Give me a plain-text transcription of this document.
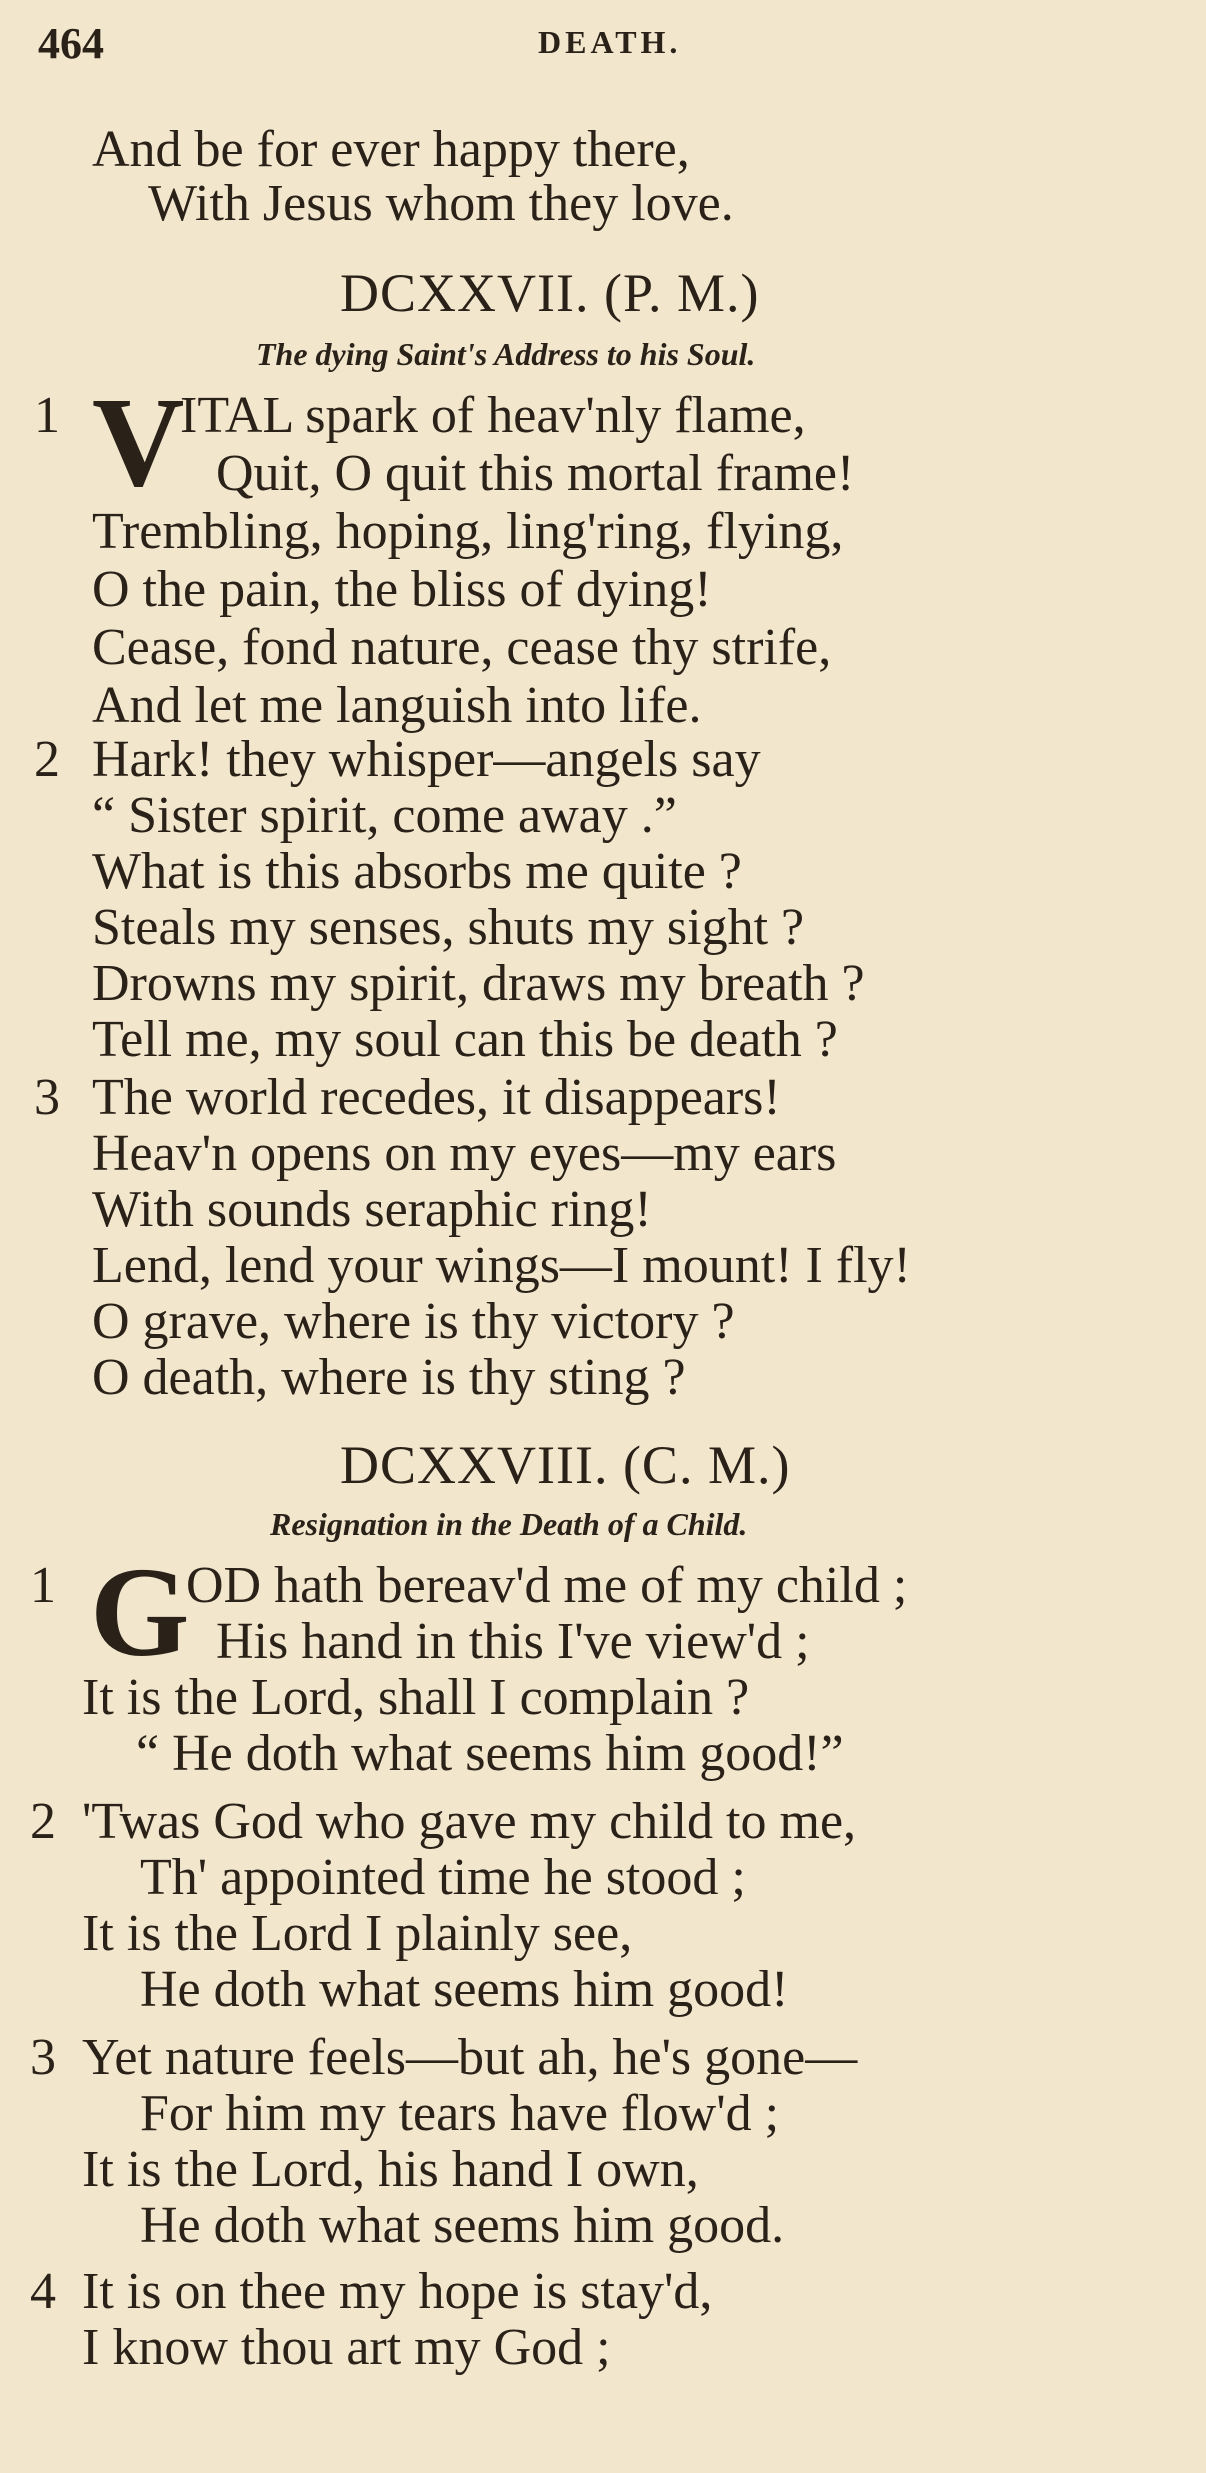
464	DEATH.
And be for ever happy there,
With Jesus whom they love.
DCXXVII. (P. M.)
The dying Saint's Address to his Soul.
1 V
ITAL spark of heav'nly flame,
Quit, O quit this mortal frame!
Trembling, hoping, ling'ring, flying,
O the pain, the bliss of dying!
Cease, fond nature, cease thy strife,
And let me languish into life.
2 Hark! they whisper—angels say
“ Sister spirit, come away .”
What is this absorbs me quite ?
Steals my senses, shuts my sight ?
Drowns my spirit, draws my breath ?
Tell me, my soul can this be death ?
3 The world recedes, it disappears!
Heav'n opens on my eyes—my ears
With sounds seraphic ring!
Lend, lend your wings—I mount! I fly!
O grave, where is thy victory ?
O death, where is thy sting ?
DCXXVIII. (C. M.)
Resignation in the Death of a Child.
1 G
OD hath bereav'd me of my child ;
His hand in this I've view'd ;
It is the Lord, shall I complain ?
“ He doth what seems him good!”
2 'Twas God who gave my child to me,
Th' appointed time he stood ;
It is the Lord I plainly see,
He doth what seems him good!
3 Yet nature feels—but ah, he's gone—
For him my tears have flow'd ;
It is the Lord, his hand I own,
He doth what seems him good.
4 It is on thee my hope is stay'd,
I know thou art my God ;
